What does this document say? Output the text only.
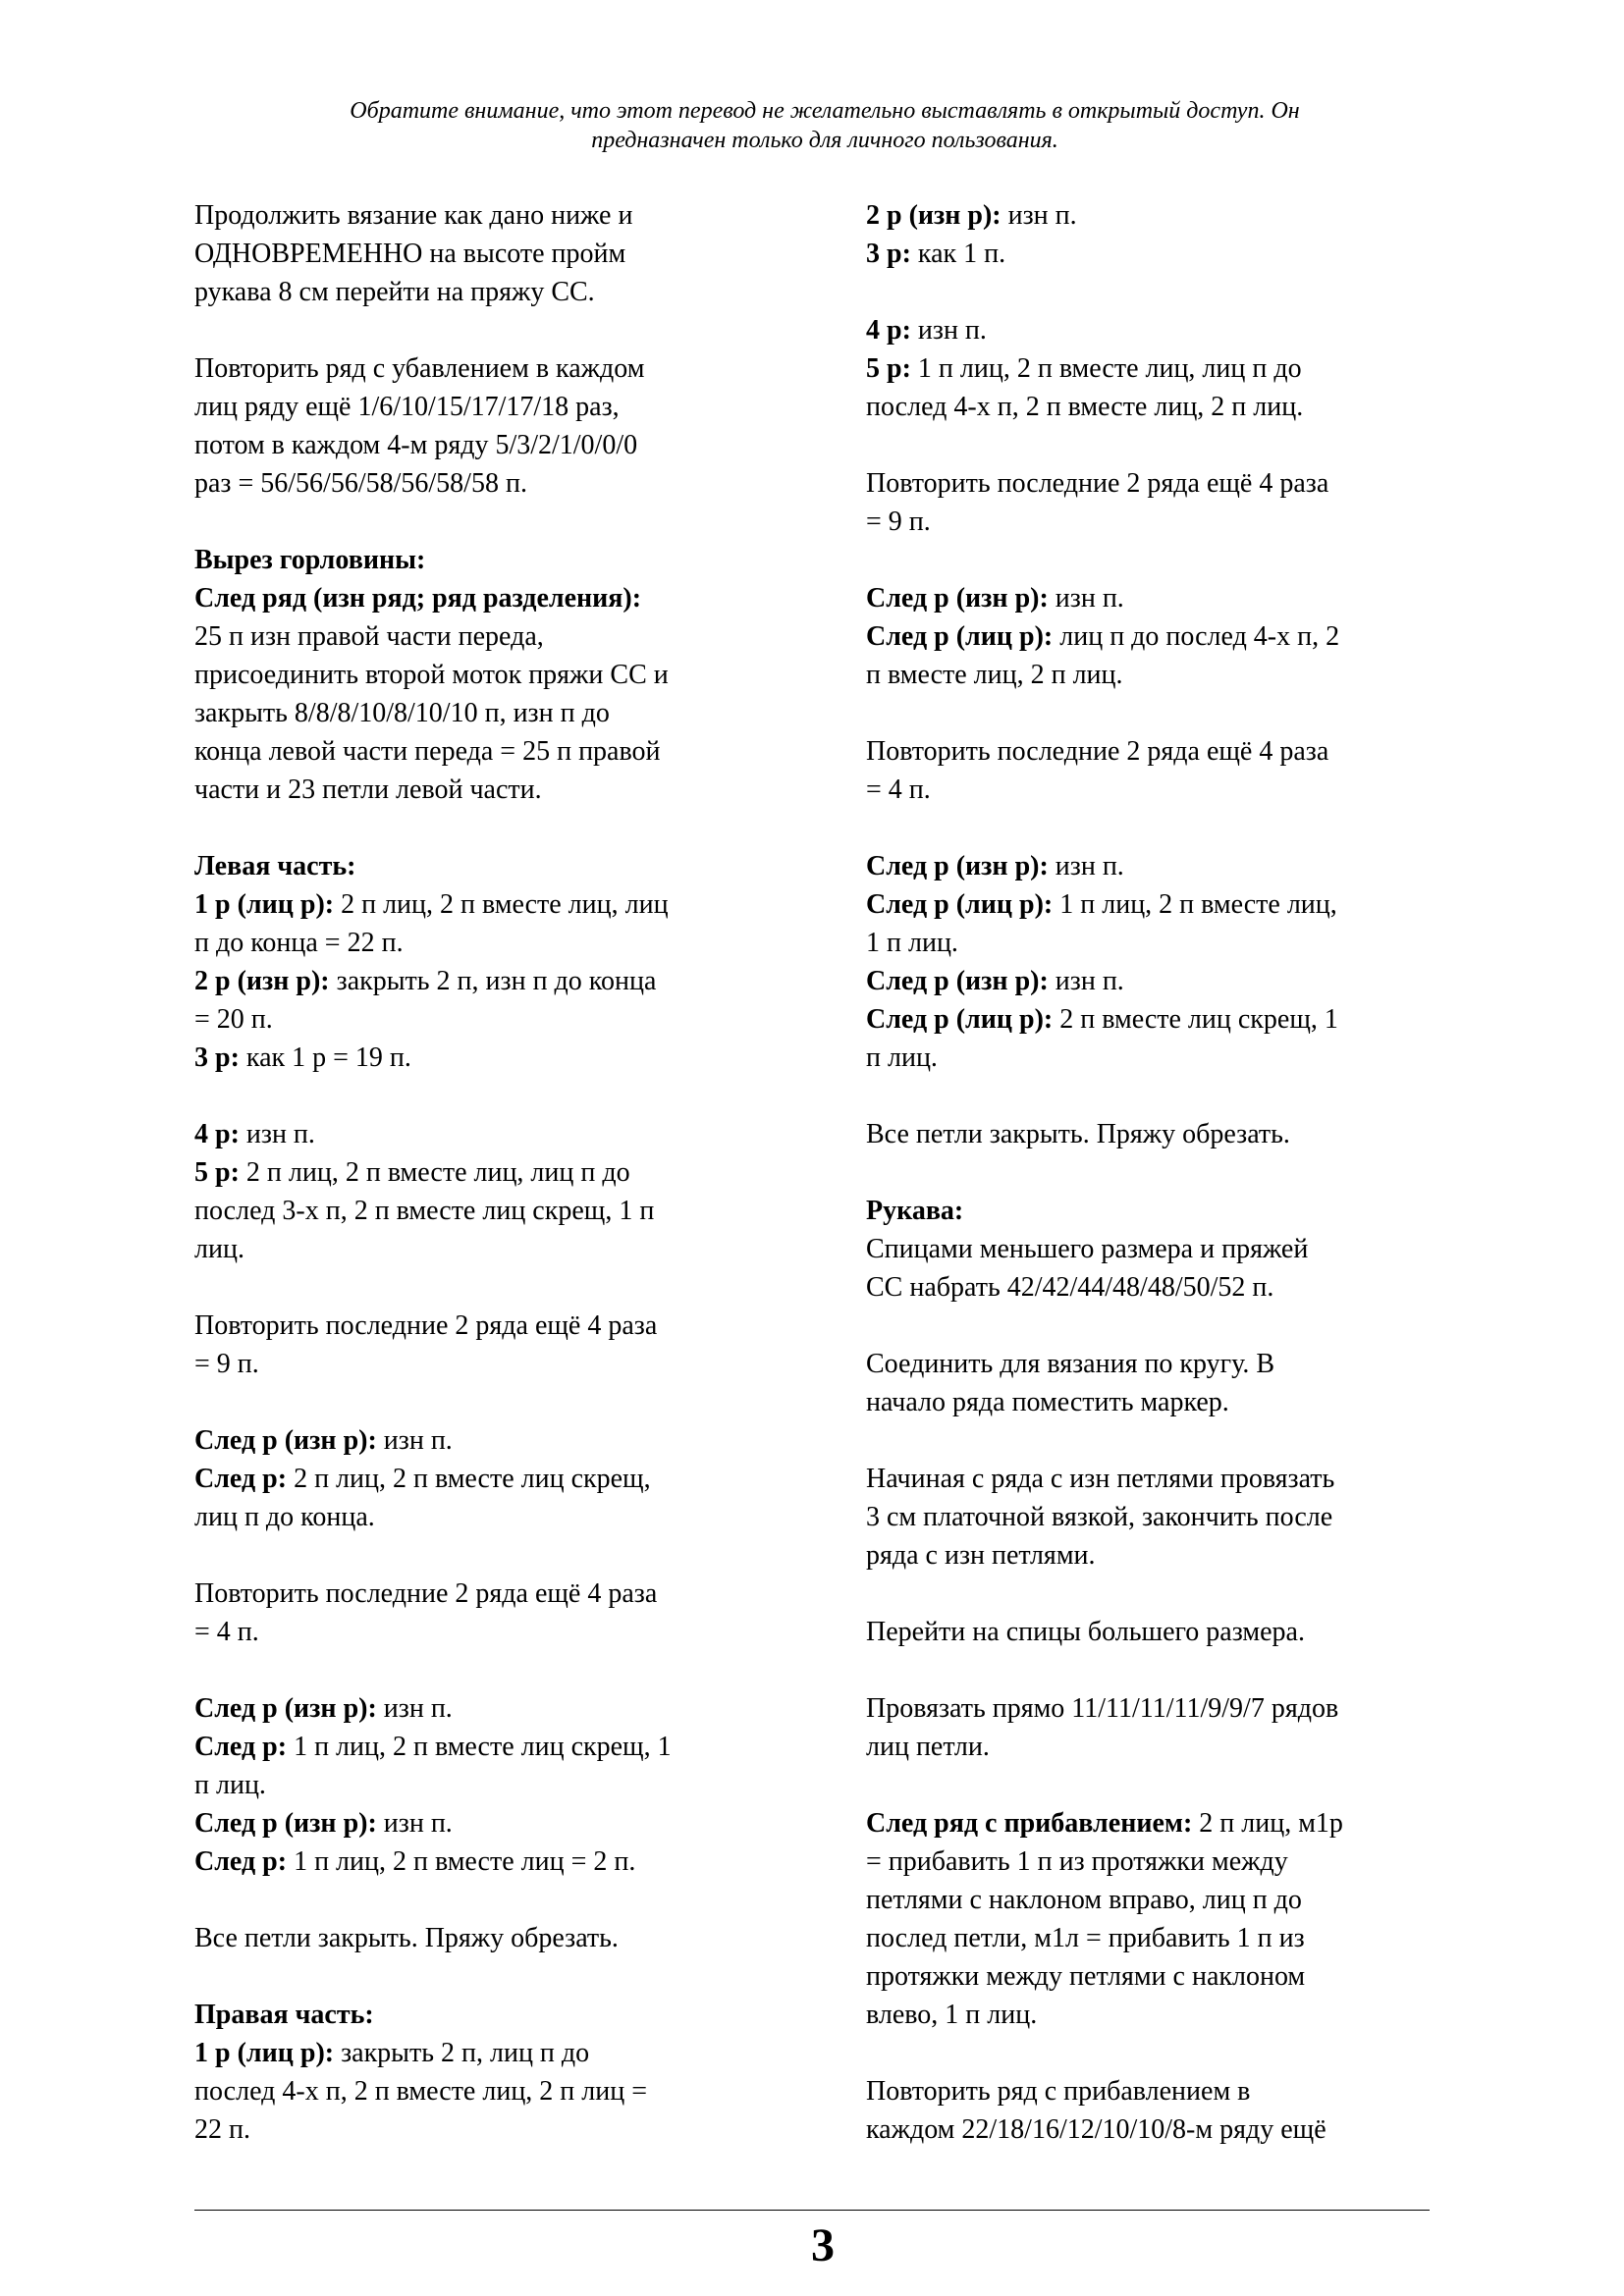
Обратите внимание, что этот перевод не желательно выставлять в открытый доступ. Он
предназначен только для личного пользования.
Продолжить вязание как дано ниже и
ОДНОВРЕМЕННО на высоте пройм
рукава 8 см перейти на пряжу СС.
Повторить ряд с убавлением в каждом
лиц ряду ещё 1/6/10/15/17/17/18 раз,
потом в каждом 4-м ряду 5/3/2/1/0/0/0
раз = 56/56/56/58/56/58/58 п.
Вырез горловины:
След ряд (изн ряд; ряд разделения):
25 п изн правой части переда,
присоединить второй моток пряжи СС и
закрыть 8/8/8/10/8/10/10 п, изн п до
конца левой части переда = 25 п правой
части и 23 петли левой части.
Левая часть:
1 р (лиц р): 2 п лиц, 2 п вместе лиц, лиц
п до конца = 22 п.
2 р (изн р): закрыть 2 п, изн п до конца
= 20 п.
3 р: как 1 р = 19 п.
4 р: изн п.
5 р: 2 п лиц, 2 п вместе лиц, лиц п до
послед 3-х п, 2 п вместе лиц скрещ, 1 п
лиц.
Повторить последние 2 ряда ещё 4 раза
= 9 п.
След р (изн р): изн п.
След р: 2 п лиц, 2 п вместе лиц скрещ,
лиц п до конца.
Повторить последние 2 ряда ещё 4 раза
= 4 п.
След р (изн р): изн п.
След р: 1 п лиц, 2 п вместе лиц скрещ, 1
п лиц.
След р (изн р): изн п.
След р: 1 п лиц, 2 п вместе лиц = 2 п.
Все петли закрыть. Пряжу обрезать.
Правая часть:
1 р (лиц р): закрыть 2 п, лиц п до
послед 4-х п, 2 п вместе лиц, 2 п лиц =
22 п.
2 р (изн р): изн п.
3 р: как 1 п.
4 р: изн п.
5 р: 1 п лиц, 2 п вместе лиц, лиц п до
послед 4-х п, 2 п вместе лиц, 2 п лиц.
Повторить последние 2 ряда ещё 4 раза
= 9 п.
След р (изн р): изн п.
След р (лиц р): лиц п до послед 4-х п, 2
п вместе лиц, 2 п лиц.
Повторить последние 2 ряда ещё 4 раза
= 4 п.
След р (изн р): изн п.
След р (лиц р): 1 п лиц, 2 п вместе лиц,
1 п лиц.
След р (изн р): изн п.
След р (лиц р): 2 п вместе лиц скрещ, 1
п лиц.
Все петли закрыть. Пряжу обрезать.
Рукава:
Спицами меньшего размера и пряжей
СС набрать 42/42/44/48/48/50/52 п.
Соединить для вязания по кругу. В
начало ряда поместить маркер.
Начиная с ряда с изн петлями провязать
3 см платочной вязкой, закончить после
ряда с изн петлями.
Перейти на спицы большего размера.
Провязать прямо 11/11/11/11/9/9/7 рядов
лиц петли.
След ряд с прибавлением: 2 п лиц, м1р
= прибавить 1 п из протяжки между
петлями с наклоном вправо, лиц п до
послед петли, м1л = прибавить 1 п из
протяжки между петлями с наклоном
влево, 1 п лиц.
Повторить ряд с прибавлением в
каждом 22/18/16/12/10/10/8-м ряду ещё
3
